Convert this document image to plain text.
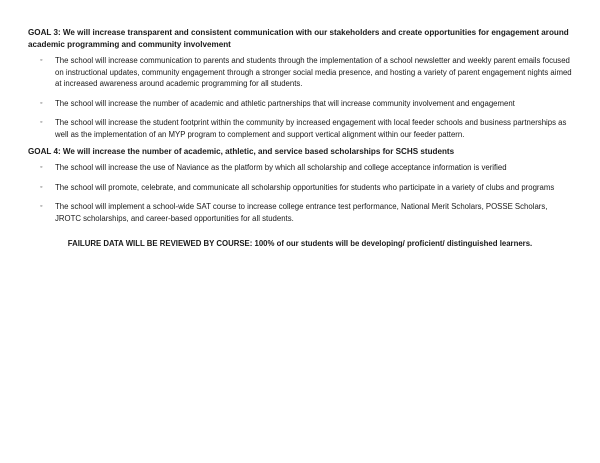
GOAL 3: We will increase transparent and consistent communication with our stakeholders and create opportunities for engagement around academic programming and community involvement

◦ The school will increase communication to parents and students through the implementation of a school newsletter and weekly parent emails focused on instructional updates, community engagement through a stronger social media presence, and hosting a variety of parent engagement nights aimed at increased awareness around academic programming for all students.
◦ The school will increase the number of academic and athletic partnerships that will increase community involvement and engagement
◦ The school will increase the student footprint within the community by increased engagement with local feeder schools and business partnerships as well as the implementation of an MYP program to complement and support vertical alignment within our feeder pattern.

GOAL 4: We will increase the number of academic, athletic, and service based scholarships for SCHS students

◦ The school will increase the use of Naviance as the platform by which all scholarship and college acceptance information is verified
◦ The school will promote, celebrate, and communicate all scholarship opportunities for students who participate in a variety of clubs and programs
◦ The school will implement a school-wide SAT course to increase college entrance test performance, National Merit Scholars, POSSE Scholars, JROTC scholarships, and career-based opportunities for all students.

FAILURE DATA WILL BE REVIEWED BY COURSE: 100% of our students will be developing/ proficient/ distinguished learners.
